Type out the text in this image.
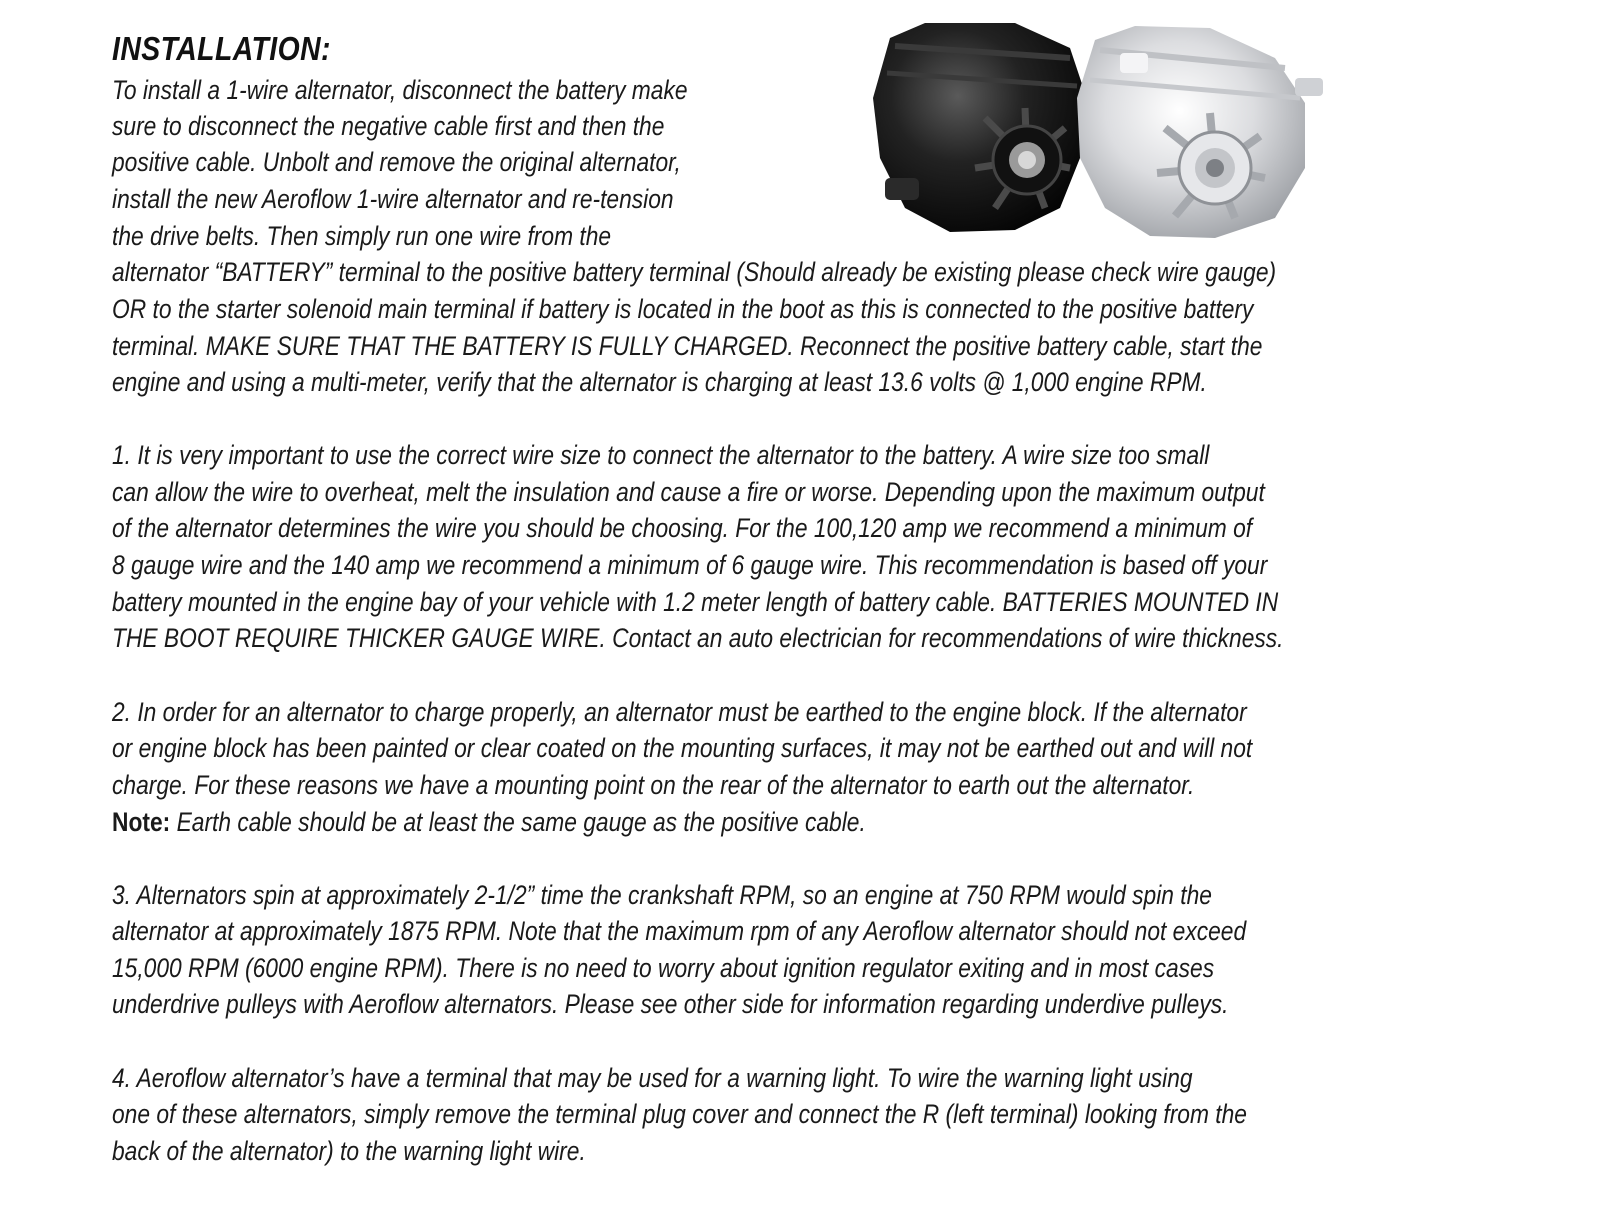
INSTALLATION:
To install a 1-wire alternator, disconnect the battery make
sure to disconnect the negative cable first and then the
positive cable. Unbolt and remove the original alternator,
install the new Aeroflow 1-wire alternator and re-tension
the drive belts. Then simply run one wire from the
alternator “BATTERY” terminal to the positive battery terminal (Should already be existing please check wire gauge)
OR to the starter solenoid main terminal if battery is located in the boot as this is connected to the positive battery
terminal. MAKE SURE THAT THE BATTERY IS FULLY CHARGED. Reconnect the positive battery cable, start the
engine and using a multi-meter, verify that the alternator is charging at least 13.6 volts @ 1,000 engine RPM.
1. It is very important to use the correct wire size to connect the alternator to the battery. A wire size too small
can allow the wire to overheat, melt the insulation and cause a fire or worse. Depending upon the maximum output
of the alternator determines the wire you should be choosing. For the 100,120 amp we recommend a minimum of
8 gauge wire and the 140 amp we recommend a minimum of 6 gauge wire. This recommendation is based off your
battery mounted in the engine bay of your vehicle with 1.2 meter length of battery cable. BATTERIES MOUNTED IN
THE BOOT REQUIRE THICKER GAUGE WIRE. Contact an auto electrician for recommendations of wire thickness.
2. In order for an alternator to charge properly, an alternator must be earthed to the engine block. If the alternator
or engine block has been painted or clear coated on the mounting surfaces, it may not be earthed out and will not
charge. For these reasons we have a mounting point on the rear of the alternator to earth out the alternator.
Note: Earth cable should be at least the same gauge as the positive cable.
3. Alternators spin at approximately 2-1/2” time the crankshaft RPM, so an engine at 750 RPM would spin the
alternator at approximately 1875 RPM. Note that the maximum rpm of any Aeroflow alternator should not exceed
15,000 RPM (6000 engine RPM). There is no need to worry about ignition regulator exiting and in most cases
underdrive pulleys with Aeroflow alternators. Please see other side for information regarding underdive pulleys.
4. Aeroflow alternator’s have a terminal that may be used for a warning light. To wire the warning light using
one of these alternators, simply remove the terminal plug cover and connect the R (left terminal) looking from the
back of the alternator) to the warning light wire.
